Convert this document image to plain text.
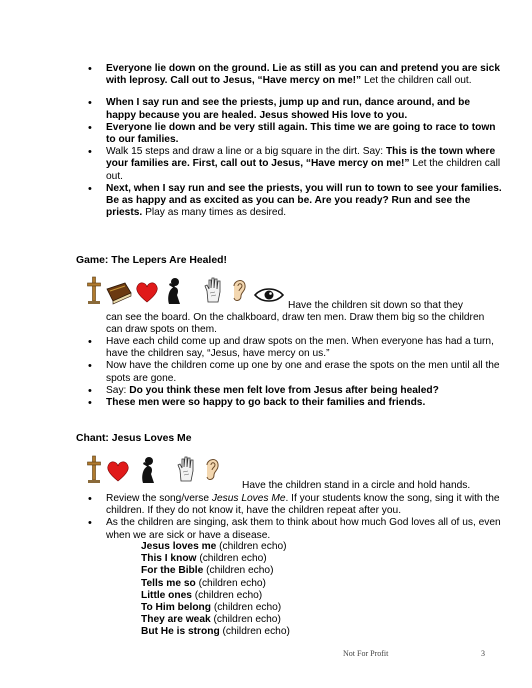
• Everyone lie down on the ground. Lie as still as you can and pretend you are sick with leprosy. Call out to Jesus, “Have mercy on me!” Let the children call out.
• When I say run and see the priests, jump up and run, dance around, and be happy because you are healed. Jesus showed His love to you.
• Everyone lie down and be very still again. This time we are going to race to town to our families.
• Walk 15 steps and draw a line or a big square in the dirt. Say: This is the town where your families are. First, call out to Jesus, “Have mercy on me!” Let the children call out.
• Next, when I say run and see the priests, you will run to town to see your families. Be as happy and as excited as you can be. Are you ready? Run and see the priests. Play as many times as desired.
Game: The Lepers Are Healed!
Have the children sit down so that they
can see the board. On the chalkboard, draw ten men. Draw them big so the children can draw spots on them.
• Have each child come up and draw spots on the men. When everyone has had a turn, have the children say, “Jesus, have mercy on us.”
• Now have the children come up one by one and erase the spots on the men until all the spots are gone.
• Say: Do you think these men felt love from Jesus after being healed?
• These men were so happy to go back to their families and friends.
Chant: Jesus Loves Me
Have the children stand in a circle and hold hands.
• Review the song/verse Jesus Loves Me. If your students know the song, sing it with the children. If they do not know it, have the children repeat after you.
• As the children are singing, ask them to think about how much God loves all of us, even when we are sick or have a disease.
Jesus loves me (children echo)
This I know (children echo)
For the Bible (children echo)
Tells me so (children echo)
Little ones (children echo)
To Him belong (children echo)
They are weak (children echo)
But He is strong (children echo)
Not For Profit	3
